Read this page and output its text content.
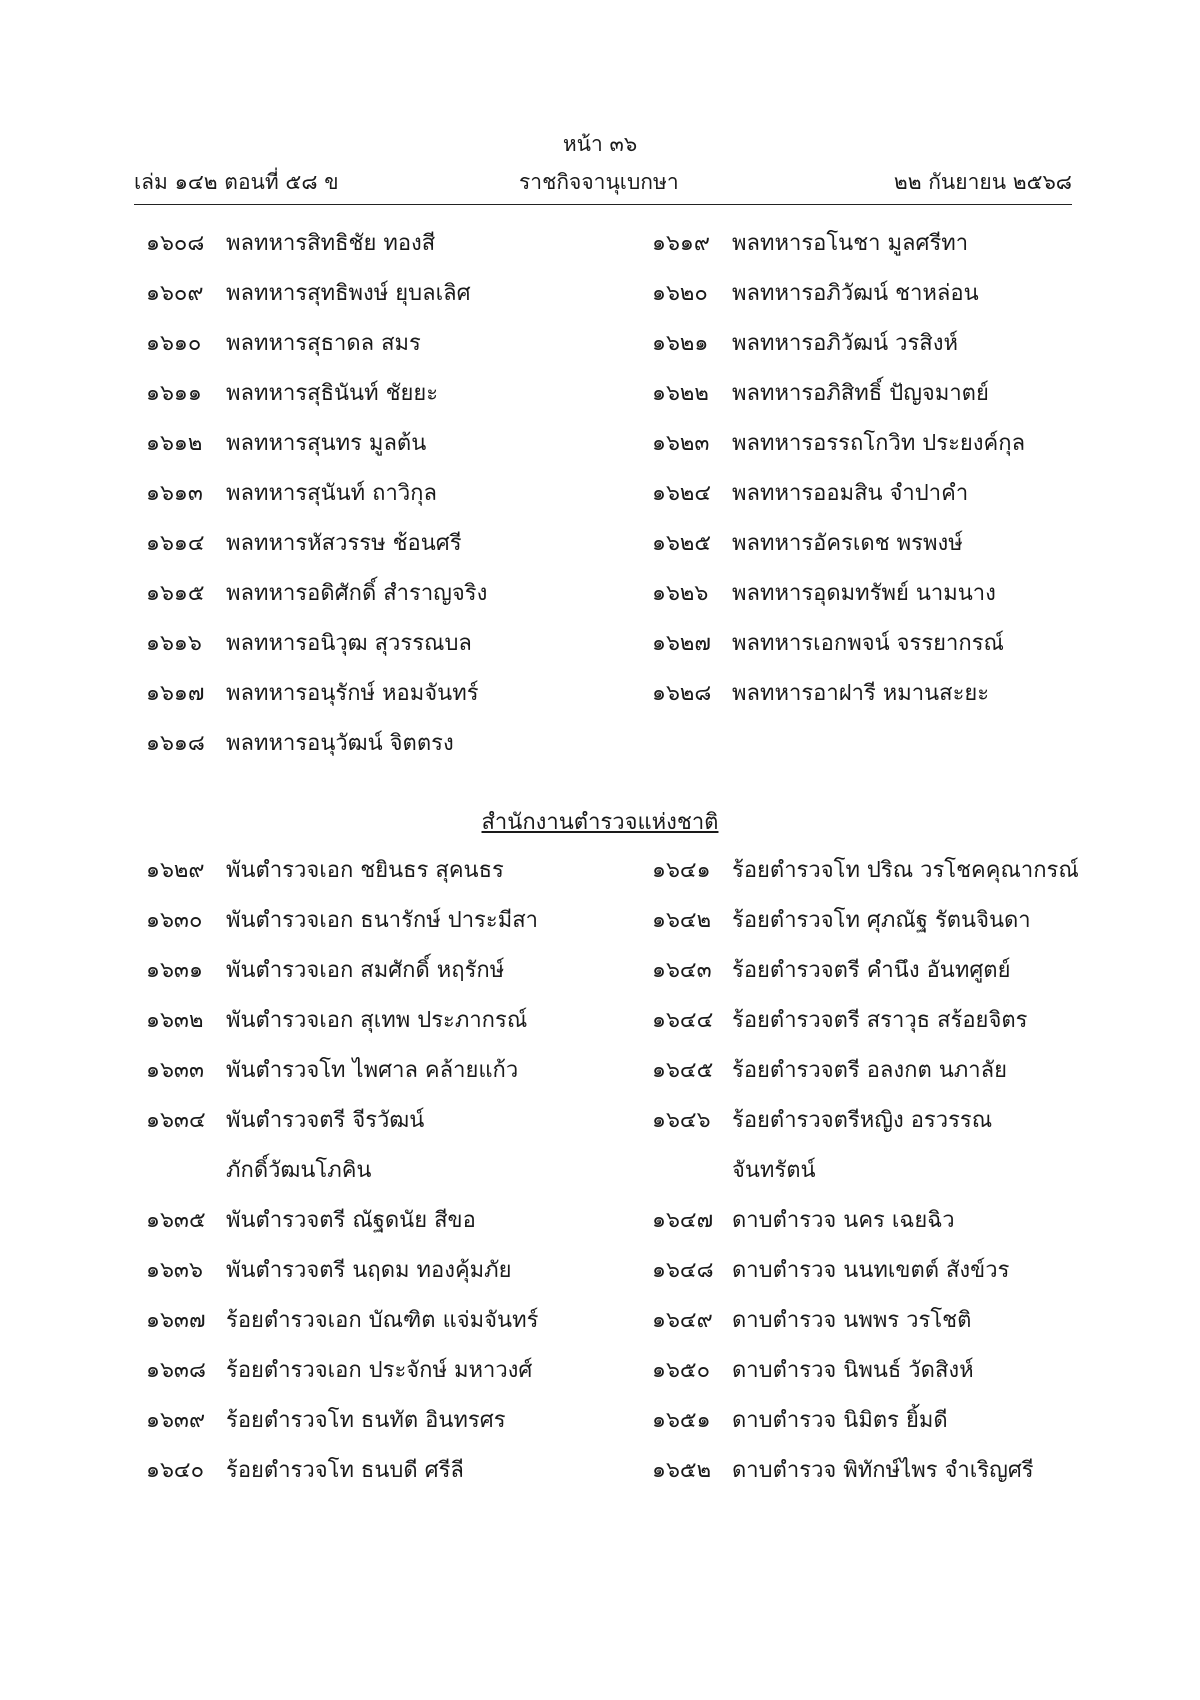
หน้า ๓๖
เล่ม ๑๔๒ ตอนที่ ๕๘ ข	ราชกิจจานุเบกษา	๒๒ กันยายน ๒๕๖๘
๑๖๐๘ พลทหารสิทธิชัย ทองสี
๑๖๐๙ พลทหารสุทธิพงษ์ ยุบลเลิศ
๑๖๑๐ พลทหารสุธาดล สมร
๑๖๑๑ พลทหารสุธินันท์ ชัยยะ
๑๖๑๒ พลทหารสุนทร มูลต้น
๑๖๑๓ พลทหารสุนันท์ ถาวิกุล
๑๖๑๔ พลทหารหัสวรรษ ช้อนศรี
๑๖๑๕ พลทหารอดิศักดิ์ สำราญจริง
๑๖๑๖ พลทหารอนิวุฒ สุวรรณบล
๑๖๑๗ พลทหารอนุรักษ์ หอมจันทร์
๑๖๑๘ พลทหารอนุวัฒน์ จิตตรง
๑๖๑๙ พลทหารอโนชา มูลศรีทา
๑๖๒๐ พลทหารอภิวัฒน์ ชาหล่อน
๑๖๒๑ พลทหารอภิวัฒน์ วรสิงห์
๑๖๒๒ พลทหารอภิสิทธิ์ ปัญจมาตย์
๑๖๒๓ พลทหารอรรถโกวิท ประยงค์กุล
๑๖๒๔ พลทหารออมสิน จำปาคำ
๑๖๒๕ พลทหารอัครเดช พรพงษ์
๑๖๒๖ พลทหารอุดมทรัพย์ นามนาง
๑๖๒๗ พลทหารเอกพจน์ จรรยากรณ์
๑๖๒๘ พลทหารอาฝารี หมานสะยะ
สำนักงานตำรวจแห่งชาติ
๑๖๒๙ พันตำรวจเอก ชยินธร สุคนธร
๑๖๓๐ พันตำรวจเอก ธนารักษ์ ปาระมีสา
๑๖๓๑ พันตำรวจเอก สมศักดิ์ หฤรักษ์
๑๖๓๒ พันตำรวจเอก สุเทพ ประภากรณ์
๑๖๓๓ พันตำรวจโท ไพศาล คล้ายแก้ว
๑๖๓๔ พันตำรวจตรี จีรวัฒน์
ภักดิ์วัฒนโภคิน
๑๖๓๕ พันตำรวจตรี ณัฐดนัย สีขอ
๑๖๓๖ พันตำรวจตรี นฤดม ทองคุ้มภัย
๑๖๓๗ ร้อยตำรวจเอก บัณฑิต แจ่มจันทร์
๑๖๓๘ ร้อยตำรวจเอก ประจักษ์ มหาวงศ์
๑๖๓๙ ร้อยตำรวจโท ธนทัต อินทรศร
๑๖๔๐ ร้อยตำรวจโท ธนบดี ศรีลี
๑๖๔๑ ร้อยตำรวจโท ปริณ วรโชคคุณากรณ์
๑๖๔๒ ร้อยตำรวจโท ศุภณัฐ รัตนจินดา
๑๖๔๓ ร้อยตำรวจตรี คำนึง อันทศูตย์
๑๖๔๔ ร้อยตำรวจตรี สราวุธ สร้อยจิตร
๑๖๔๕ ร้อยตำรวจตรี อลงกต นภาลัย
๑๖๔๖ ร้อยตำรวจตรีหญิง อรวรรณ
จันทรัตน์
๑๖๔๗ ดาบตำรวจ นคร เฉยฉิว
๑๖๔๘ ดาบตำรวจ นนทเขตต์ สังข์วร
๑๖๔๙ ดาบตำรวจ นพพร วรโชติ
๑๖๕๐ ดาบตำรวจ นิพนธ์ วัดสิงห์
๑๖๕๑ ดาบตำรวจ นิมิตร ยิ้มดี
๑๖๕๒ ดาบตำรวจ พิทักษ์ไพร จำเริญศรี
